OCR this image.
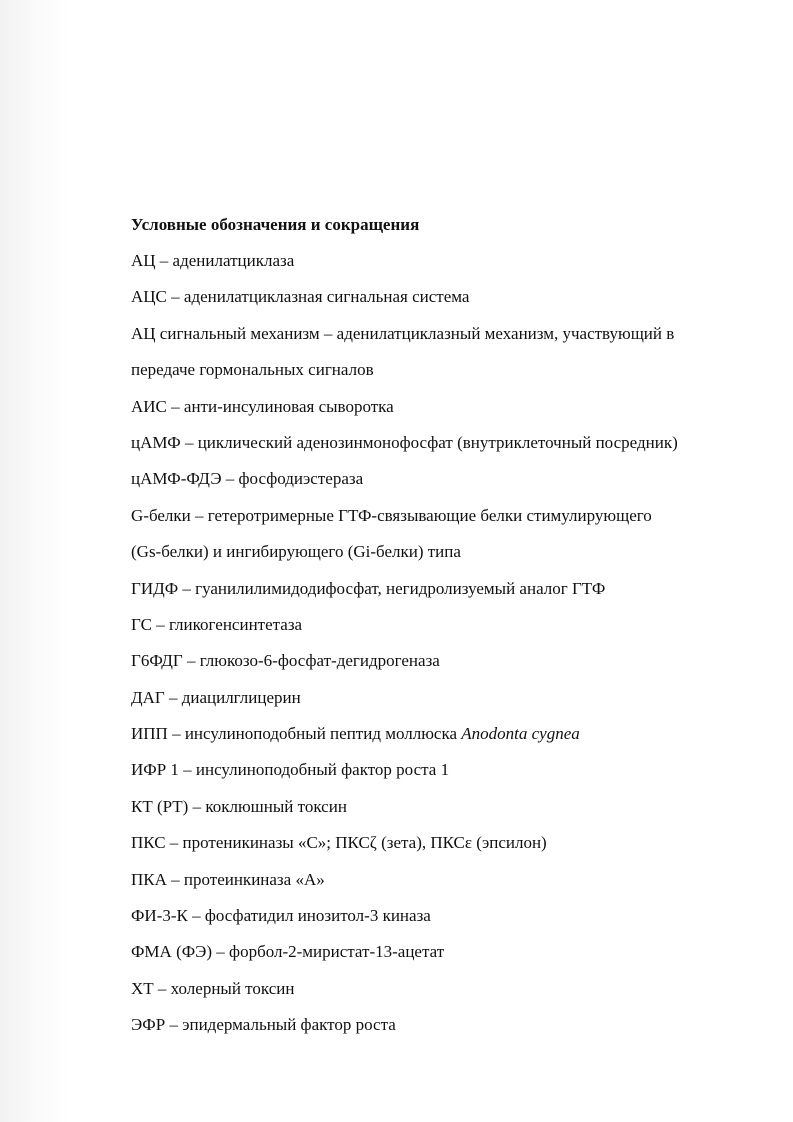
Условные обозначения и сокращения
АЦ – аденилатциклаза
АЦС – аденилатциклазная сигнальная система
АЦ сигнальный механизм – аденилатциклазный механизм, участвующий в
передаче гормональных сигналов
АИС – анти-инсулиновая сыворотка
цАМФ – циклический аденозинмонофосфат (внутриклеточный посредник)
цАМФ-ФДЭ – фосфодиэстераза
G-белки – гетеротримерные ГТФ-связывающие белки стимулирующего
(Gs-белки) и ингибирующего (Gi-белки) типа
ГИДФ – гуанилилимидодифосфат, негидролизуемый аналог ГТФ
ГС – гликогенсинтетаза
Г6ФДГ – глюкозо-6-фосфат-дегидрогеназа
ДАГ – диацилглицерин
ИПП – инсулиноподобный пептид моллюска Anodonta cygnea
ИФР 1 – инсулиноподобный фактор роста 1
КТ (РТ) – коклюшный токсин
ПКС – протеникиназы «С»; ПКСζ (зета), ПКСε (эпсилон)
ПКА – протеинкиназа «А»
ФИ-3-К – фосфатидил инозитол-3 киназа
ФМА (ФЭ) – форбол-2-миристат-13-ацетат
ХТ – холерный токсин
ЭФР – эпидермальный фактор роста
